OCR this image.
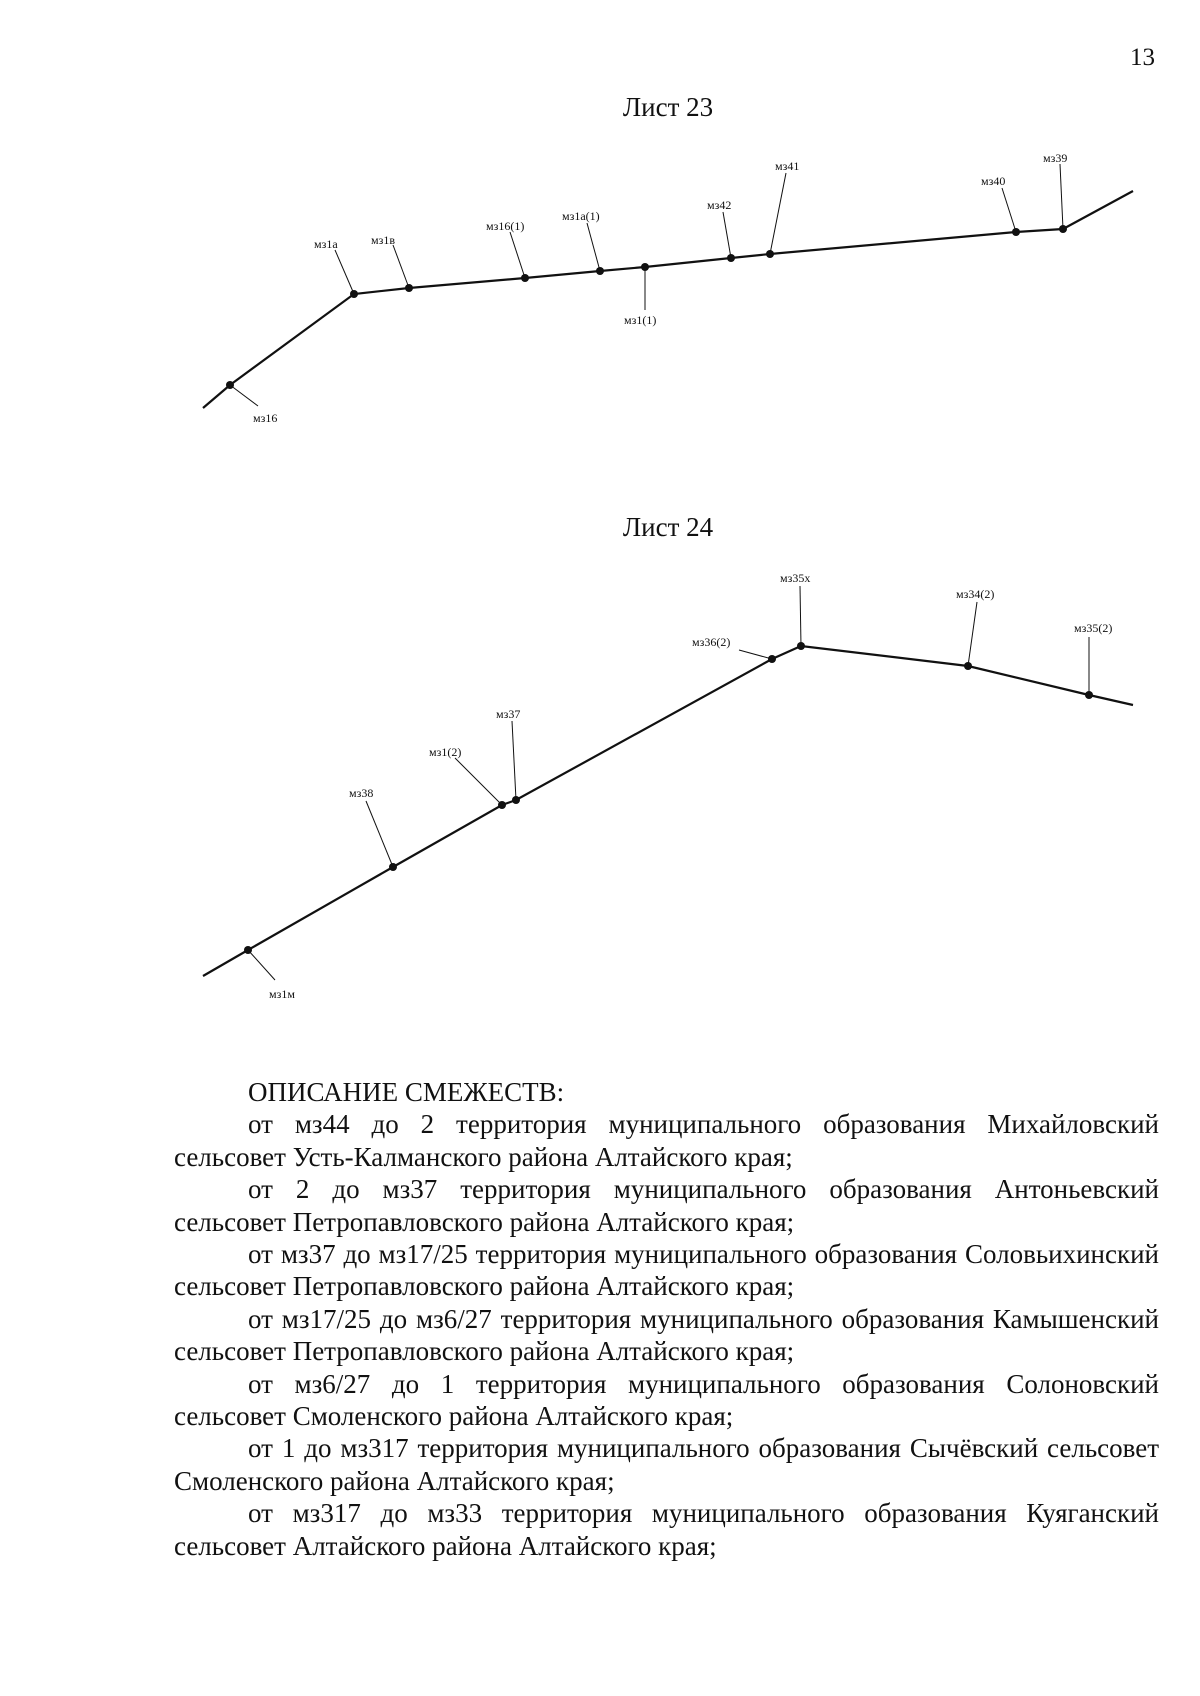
13
Лист 23
мз16
мз1а	мз1в
мз16(1)
мз1а(1)
мз1(1)
мз42
мз41
мз40
мз39
Лист 24
мз1м
мз38
мз1(2)
мз37
мз36(2)
мз35х
мз34(2)
мз35(2)
ОПИСАНИЕ СМЕЖЕСТВ:

от мз44 до 2 территория муниципального образования Михайловский сельсовет Усть-Калманского района Алтайского края;

от 2 до мз37 территория муниципального образования Антоньевский сельсовет Петропавловского района Алтайского края;

от мз37 до мз17/25 территория муниципального образования Соловьихинский сельсовет Петропавловского района Алтайского края;

от мз17/25 до мз6/27 территория муниципального образования Камышенский сельсовет Петропавловского района Алтайского края;

от мз6/27 до 1 территория муниципального образования Солоновский сельсовет Смоленского района Алтайского края;

от 1 до мз317 территория муниципального образования Сычёвский сельсовет Смоленского района Алтайского края;

от мз317 до мз33 территория муниципального образования Куяганский сельсовет Алтайского района Алтайского края;
